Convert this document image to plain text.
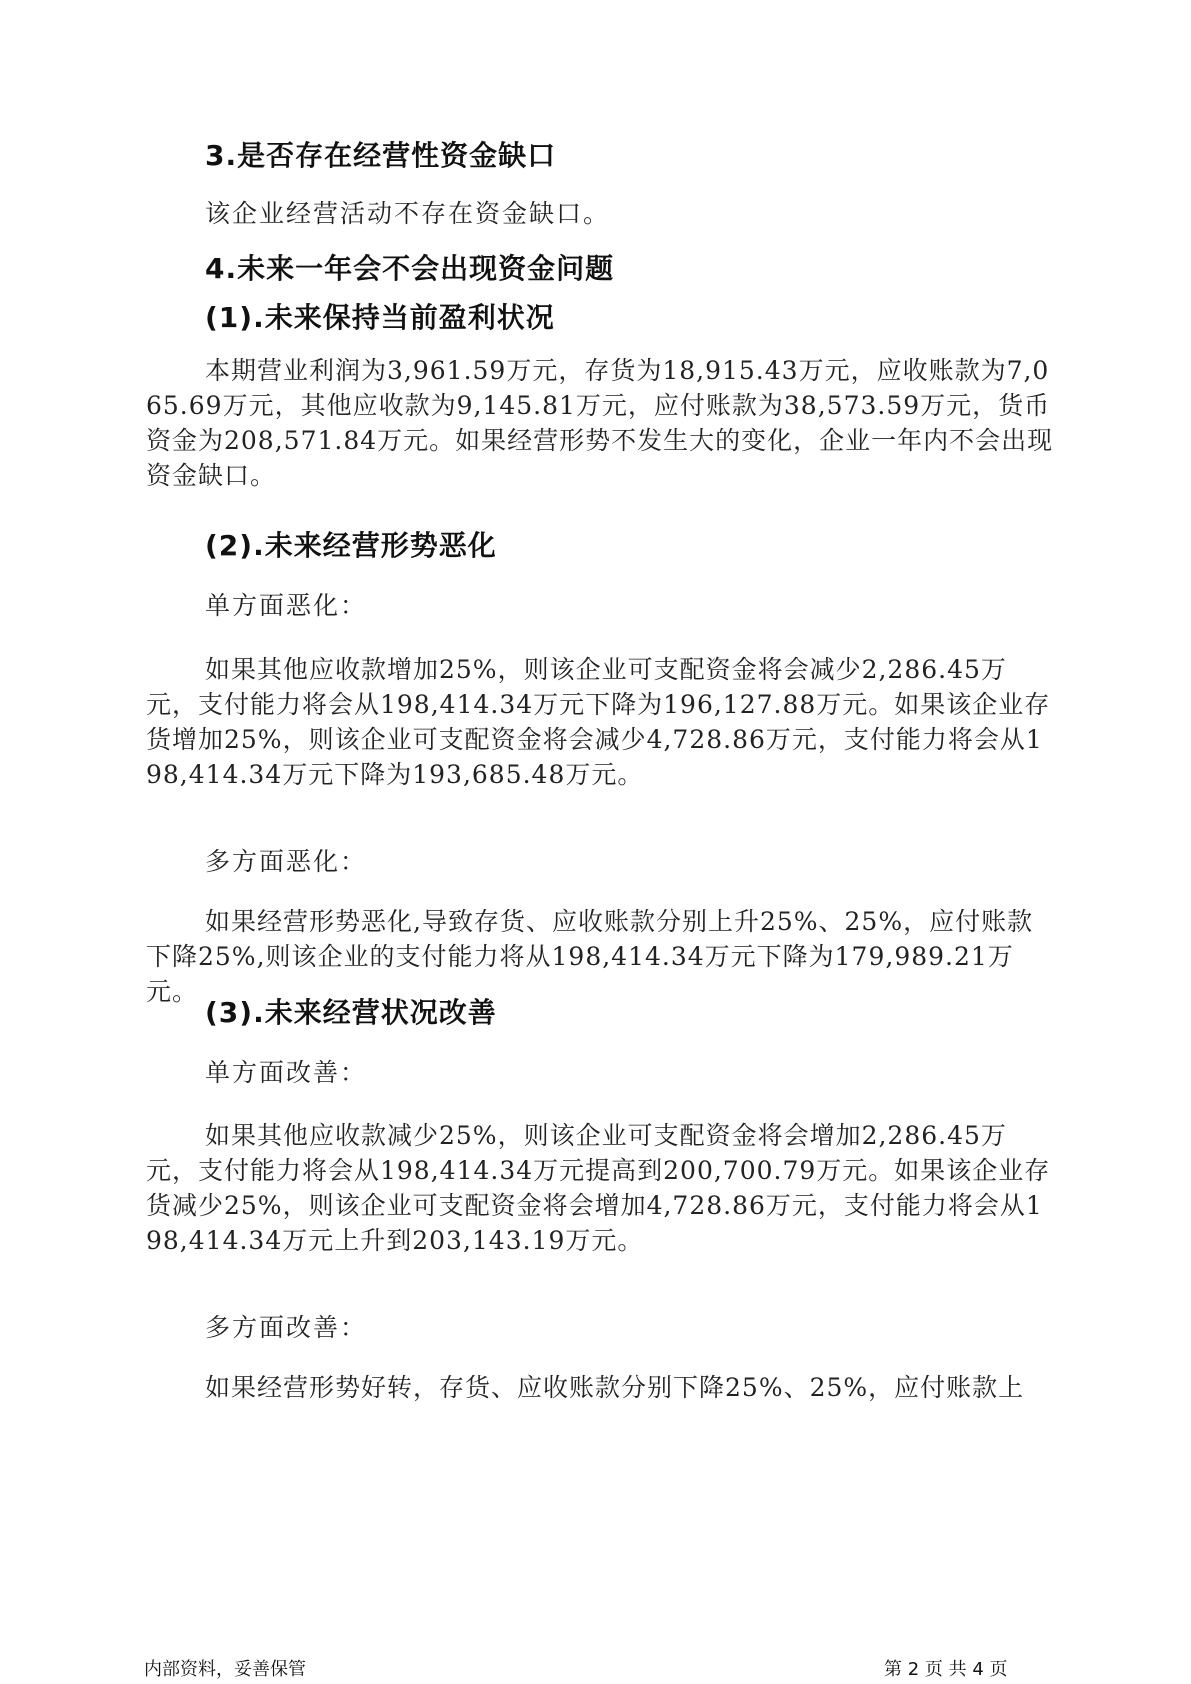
3.是否存在经营性资金缺口

该企业经营活动不存在资金缺口。

4.未来一年会不会出现资金问题
(1).未来保持当前盈利状况

本期营业利润为3,961.59万元，存货为18,915.43万元，应收账款为7,065.69万元，其他应收款为9,145.81万元，应付账款为38,573.59万元，货币资金为208,571.84万元。如果经营形势不发生大的变化，企业一年内不会出现资金缺口。

(2).未来经营形势恶化

单方面恶化：

如果其他应收款增加25%，则该企业可支配资金将会减少2,286.45万元，支付能力将会从198,414.34万元下降为196,127.88万元。如果该企业存货增加25%，则该企业可支配资金将会减少4,728.86万元，支付能力将会从198,414.34万元下降为193,685.48万元。

多方面恶化：

如果经营形势恶化,导致存货、应收账款分别上升25%、25%，应付账款下降25%,则该企业的支付能力将从198,414.34万元下降为179,989.21万元。

(3).未来经营状况改善

单方面改善：

如果其他应收款减少25%，则该企业可支配资金将会增加2,286.45万元，支付能力将会从198,414.34万元提高到200,700.79万元。如果该企业存货减少25%，则该企业可支配资金将会增加4,728.86万元，支付能力将会从198,414.34万元上升到203,143.19万元。

多方面改善：

如果经营形势好转，存货、应收账款分别下降25%、25%，应付账款上

内部资料，妥善保管	第 2 页 共 4 页
